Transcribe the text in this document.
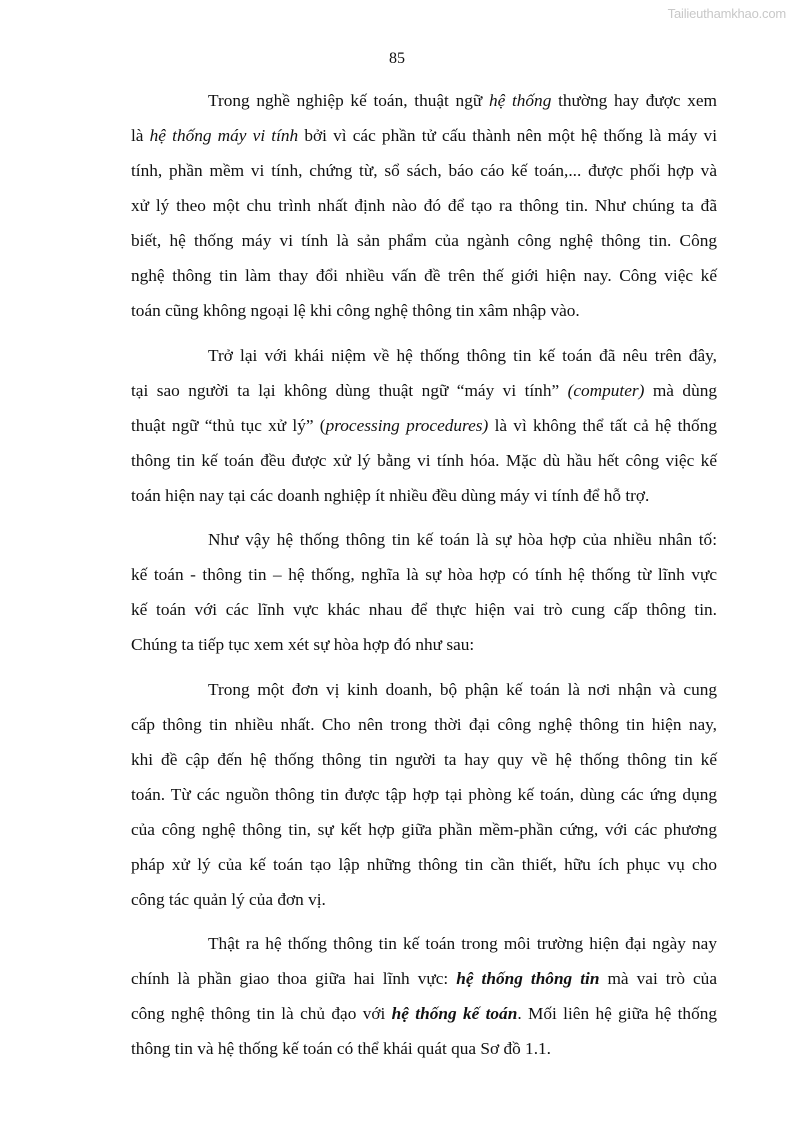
Tailieuthamkhao.com
85
Trong nghề nghiệp kế toán, thuật ngữ hệ thống thường hay được xem
là hệ thống máy vi tính bởi vì các phần tử cấu thành nên một hệ thống là máy vi
tính, phần mềm vi tính, chứng từ, sổ sách, báo cáo kế toán,... được phối hợp và
xử lý theo một chu trình nhất định nào đó để tạo ra thông tin. Như chúng ta đã
biết, hệ thống máy vi tính là sản phẩm của ngành công nghệ thông tin. Công
nghệ thông tin làm thay đổi nhiều vấn đề trên thế giới hiện nay. Công việc kế
toán cũng không ngoại lệ khi công nghệ thông tin xâm nhập vào.
Trở lại với khái niệm về hệ thống thông tin kế toán đã nêu trên đây,
tại sao người ta lại không dùng thuật ngữ “máy vi tính” (computer) mà dùng
thuật ngữ “thủ tục xử lý” (processing procedures) là vì không thể tất cả hệ thống
thông tin kế toán đều được xử lý bằng vi tính hóa. Mặc dù hầu hết công việc kế
toán hiện nay tại các doanh nghiệp ít nhiều đều dùng máy vi tính để hỗ trợ.
Như vậy hệ thống thông tin kế toán là sự hòa hợp của nhiều nhân tố:
kế toán - thông tin – hệ thống, nghĩa là sự hòa hợp có tính hệ thống từ lĩnh vực
kế toán với các lĩnh vực khác nhau để thực hiện vai trò cung cấp thông tin.
Chúng ta tiếp tục xem xét sự hòa hợp đó như sau:
Trong một đơn vị kinh doanh, bộ phận kế toán là nơi nhận và cung
cấp thông tin nhiều nhất. Cho nên trong thời đại công nghệ thông tin hiện nay,
khi đề cập đến hệ thống thông tin người ta hay quy về hệ thống thông tin kế
toán. Từ các nguồn thông tin được tập hợp tại phòng kế toán, dùng các ứng dụng
của công nghệ thông tin, sự kết hợp giữa phần mềm-phần cứng, với các phương
pháp xử lý của kế toán tạo lập những thông tin cần thiết, hữu ích phục vụ cho
công tác quản lý của đơn vị.
Thật ra hệ thống thông tin kế toán trong môi trường hiện đại ngày nay
chính là phần giao thoa giữa hai lĩnh vực: hệ thống thông tin mà vai trò của
công nghệ thông tin là chủ đạo với hệ thống kế toán. Mối liên hệ giữa hệ thống
thông tin và hệ thống kế toán có thể khái quát qua Sơ đồ 1.1.
